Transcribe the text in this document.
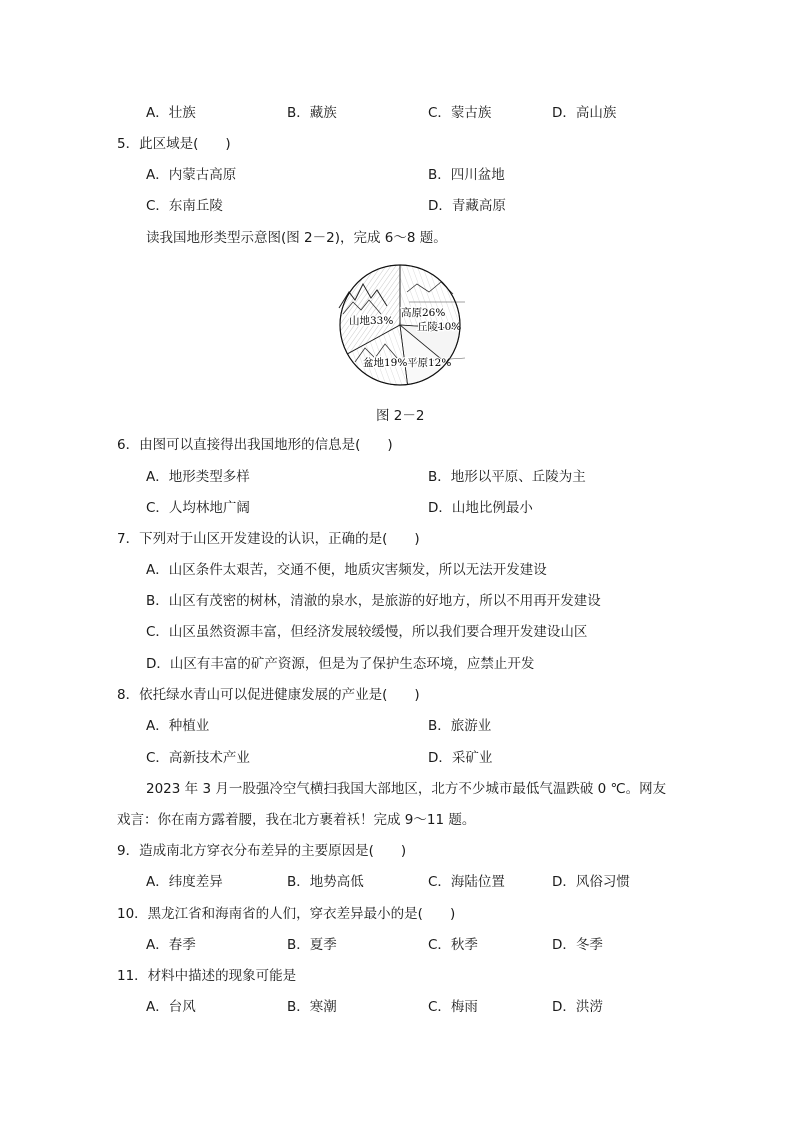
A．壮族	B．藏族	C．蒙古族	D．高山族
5．此区域是(　　)
A．内蒙古高原	B．四川盆地
C．东南丘陵	D．青藏高原
读我国地形类型示意图(图 2－2)，完成 6～8 题。
山地33%
高原26%
丘陵10%
平原12%
盆地19%
图 2－2
6．由图可以直接得出我国地形的信息是(　　)
A．地形类型多样	B．地形以平原、丘陵为主
C．人均林地广阔	D．山地比例最小
7．下列对于山区开发建设的认识，正确的是(　　)
A．山区条件太艰苦，交通不便，地质灾害频发，所以无法开发建设
B．山区有茂密的树林，清澈的泉水，是旅游的好地方，所以不用再开发建设
C．山区虽然资源丰富，但经济发展较缓慢，所以我们要合理开发建设山区
D．山区有丰富的矿产资源，但是为了保护生态环境，应禁止开发
8．依托绿水青山可以促进健康发展的产业是(　　)
A．种植业	B．旅游业
C．高新技术产业	D．采矿业
2023 年 3 月一股强冷空气横扫我国大部地区，北方不少城市最低气温跌破 0 ℃。网友
戏言：你在南方露着腰，我在北方裹着袄！完成 9～11 题。
9．造成南北方穿衣分布差异的主要原因是(　　)
A．纬度差异	B．地势高低	C．海陆位置	D．风俗习惯
10．黑龙江省和海南省的人们，穿衣差异最小的是(　　)
A．春季	B．夏季	C．秋季	D．冬季
11．材料中描述的现象可能是
A．台风	B．寒潮	C．梅雨	D．洪涝
